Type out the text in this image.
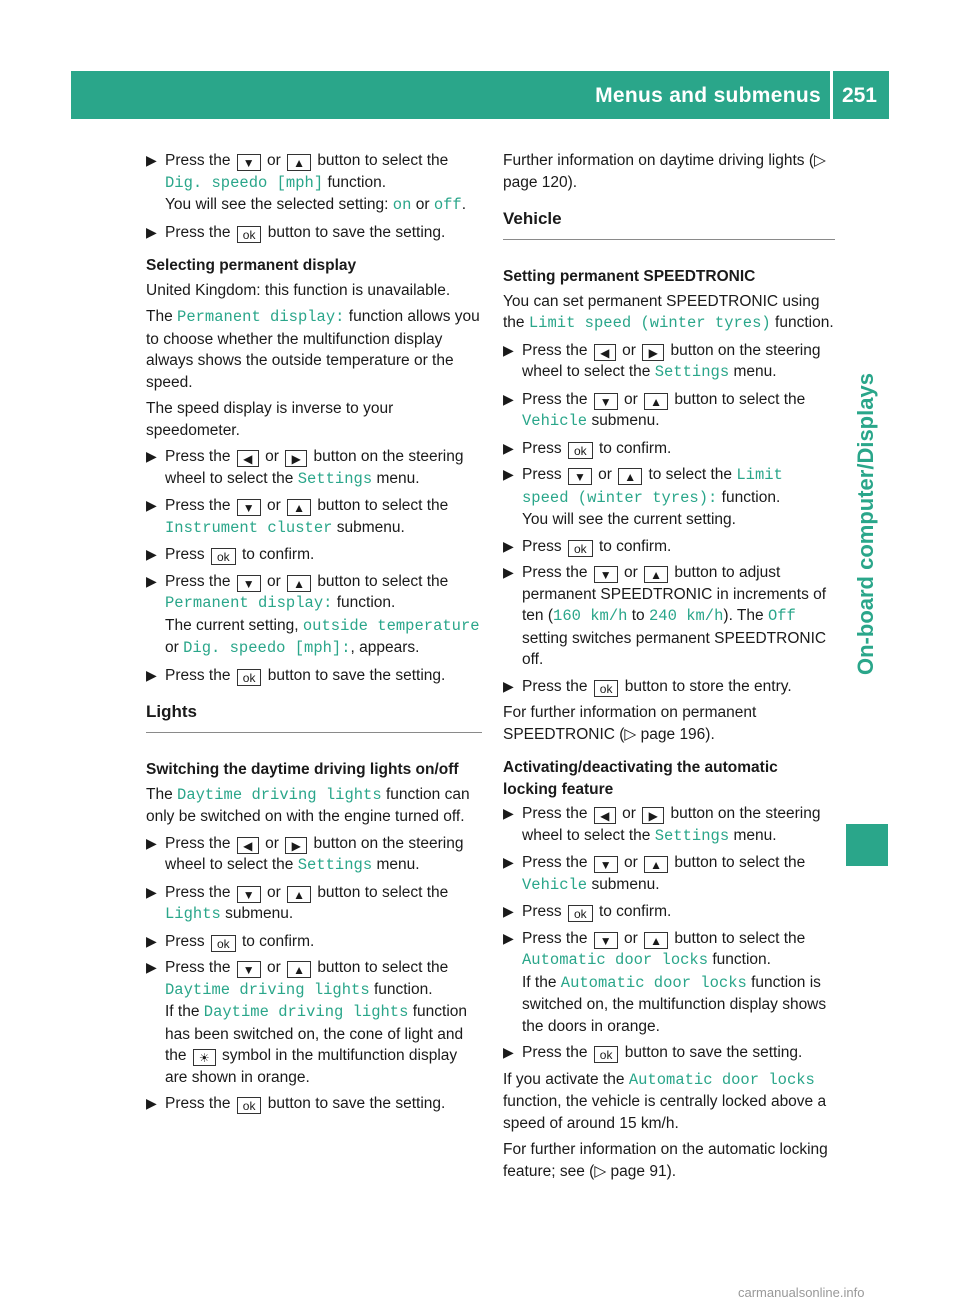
Menus and submenus 251
On-board computer/Displays
▶ Press the ▼ or ▲ button to select the Dig. speedo [mph] function.
You will see the selected setting: on or off.
▶ Press the ok button to save the setting.
Selecting permanent display

United Kingdom: this function is unavailable.

The Permanent display: function allows you to choose whether the multifunction display always shows the outside temperature or the speed.

The speed display is inverse to your speedometer.

▶ Press the ◀ or ▶ button on the steering wheel to select the Settings menu.
▶ Press the ▼ or ▲ button to select the Instrument cluster submenu.
▶ Press ok to confirm.
▶ Press the ▼ or ▲ button to select the Permanent display: function.
The current setting, outside temperature or Dig. speedo [mph]:, appears.
▶ Press the ok button to save the setting.
Lights
Switching the daytime driving lights on/off

The Daytime driving lights function can only be switched on with the engine turned off.

▶ Press the ◀ or ▶ button on the steering wheel to select the Settings menu.
▶ Press the ▼ or ▲ button to select the Lights submenu.
▶ Press ok to confirm.
▶ Press the ▼ or ▲ button to select the Daytime driving lights function.
If the Daytime driving lights function has been switched on, the cone of light and the ☀ symbol in the multifunction display are shown in orange.
▶ Press the ok button to save the setting.

Further information on daytime driving lights (▷ page 120).

Vehicle
Setting permanent SPEEDTRONIC

You can set permanent SPEEDTRONIC using the Limit speed (winter tyres) function.

▶ Press the ◀ or ▶ button on the steering wheel to select the Settings menu.
▶ Press the ▼ or ▲ button to select the Vehicle submenu.
▶ Press ok to confirm.
▶ Press ▼ or ▲ to select the Limit speed (winter tyres): function.
You will see the current setting.
▶ Press ok to confirm.
▶ Press the ▼ or ▲ button to adjust permanent SPEEDTRONIC in increments of ten (160 km/h to 240 km/h). The Off setting switches permanent SPEEDTRONIC off.
▶ Press the ok button to store the entry.

For further information on permanent SPEEDTRONIC (▷ page 196).

Activating/deactivating the automatic locking feature
▶ Press the ◀ or ▶ button on the steering wheel to select the Settings menu.
▶ Press the ▼ or ▲ button to select the Vehicle submenu.
▶ Press ok to confirm.
▶ Press the ▼ or ▲ button to select the Automatic door locks function.
If the Automatic door locks function is switched on, the multifunction display shows the doors in orange.
▶ Press the ok button to save the setting.

If you activate the Automatic door locks function, the vehicle is centrally locked above a speed of around 15 km/h.

For further information on the automatic locking feature; see (▷ page 91).

carmanualsonline.info
